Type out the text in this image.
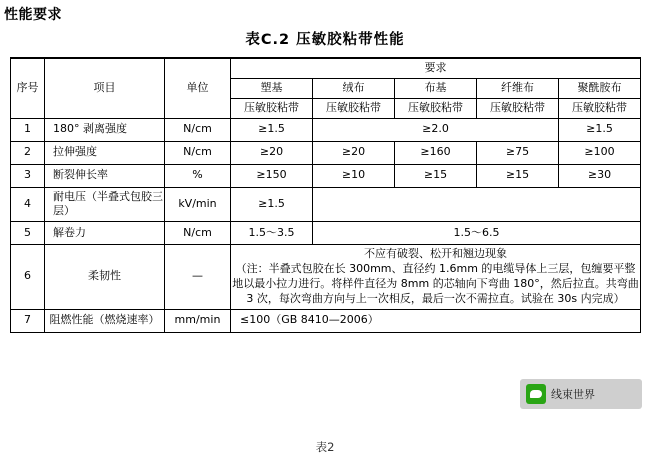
性能要求
表C.2 压敏胶粘带性能
序号	项目	单位	要求				
			塑基	绒布	布基	纤维布	聚酰胺布
			压敏胶粘带	压敏胶粘带	压敏胶粘带	压敏胶粘带	压敏胶粘带
1	180° 剥离强度	N/cm	≥1.5	≥2.0			≥1.5
2	拉伸强度	N/cm	≥20	≥20	≥160	≥75	≥100
3	断裂伸长率	%	≥150	≥10	≥15	≥15	≥30
4	耐电压（半叠式包胶三层）	kV/min	≥1.5				
5	解卷力	N/cm	1.5～3.5	1.5～6.5			
6	柔韧性	—	不应有破裂、松开和翘边现象

（注：半叠式包胶在长 300mm、直径约 1.6mm 的电缆导体上三层，包缠要平整地以最小拉力进行。将样件直径为 8mm 的芯轴向下弯曲 180°，然后拉直。共弯曲 3 次，每次弯曲方向与上一次相反，最后一次不需拉直。试验在 30s 内完成）				

7	阻燃性能（燃烧速率）	mm/min	≤100（GB 8410—2006）				
线束世界
表2
